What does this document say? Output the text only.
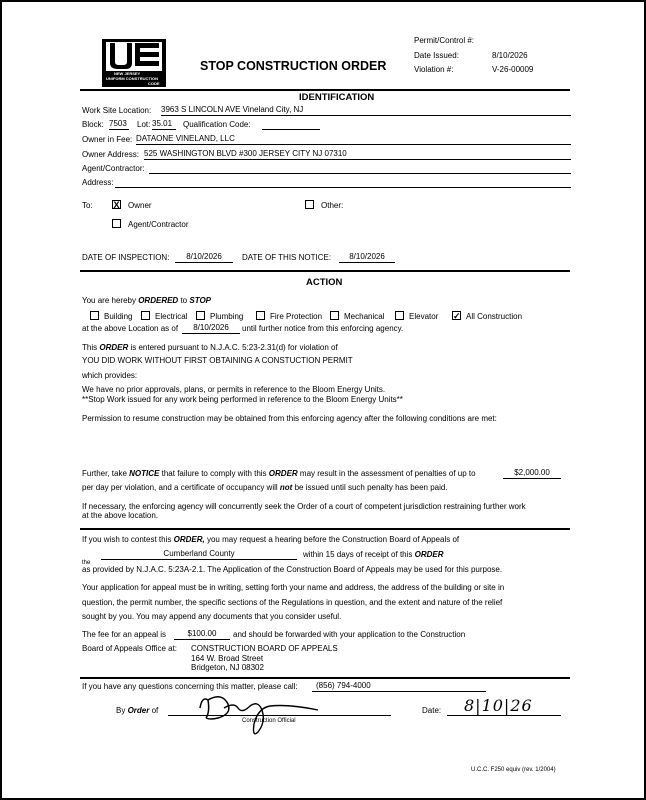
NEW JERSEY
UNIFORM CONSTRUCTION
CODE
STOP CONSTRUCTION ORDER
Permit/Control #:
Date Issued:	8/10/2026
Violation #:	V-26-00009
IDENTIFICATION
Work Site Location: 3963 S LINCOLN AVE Vineland City, NJ
Block: 7503 Lot: 35.01	Qualification Code:
Owner in Fee: DATAONE VINELAND, LLC
Owner Address: 525 WASHINGTON BLVD #300 JERSEY CITY NJ 07310
Agent/Contractor:
Address:
To: X Owner	Other:
Agent/Contractor
DATE OF INSPECTION:	8/10/2026	DATE OF THIS NOTICE:	8/10/2026
ACTION
You are hereby ORDERED to STOP
Building	Electrical	Plumbing	Fire Protection	Mechanical	Elevator ✓ All Construction
at the above Location as of	8/10/2026	until further notice from this enforcing agency.
This ORDER is entered pursuant to N.J.A.C. 5:23-2.31(d) for violation of
YOU DID WORK WITHOUT FIRST OBTAINING A CONSTUCTION PERMIT
which provides:
We have no prior approvals, plans, or permits in reference to the Bloom Energy Units.
**Stop Work issued for any work being performed in reference to the Bloom Energy Units**
Permission to resume construction may be obtained from this enforcing agency after the following conditions are met:
Further, take NOTICE that failure to comply with this ORDER may result in the assessment of penalties of up to	$2,000.00
per day per violation, and a certificate of occupancy will not be issued until such penalty has been paid.
If necessary, the enforcing agency will concurrently seek the Order of a court of competent jurisdiction restraining further work
at the above location.
If you wish to contest this ORDER, you may request a hearing before the Construction Board of Appeals of
Cumberland County	within 15 days of receipt of this ORDER
the
as provided by N.J.A.C. 5:23A-2.1. The Application of the Construction Board of Appeals may be used for this purpose.
Your application for appeal must be in writing, setting forth your name and address, the address of the building or site in
question, the permit number, the specific sections of the Regulations in question, and the extent and nature of the relief
sought by you. You may append any documents that you consider useful.
The fee for an appeal is	$100.00	and should be forwarded with your application to the Construction
Board of Appeals Office at: CONSTRUCTION BOARD OF APPEALS
164 W. Broad Street
Bridgeton, NJ 08302
If you have any questions concerning this matter, please call:	(856) 794-4000
By Order of
Construction Official
Date: 8|10|26
U.C.C. F250 equiv (rev. 1/2004)
